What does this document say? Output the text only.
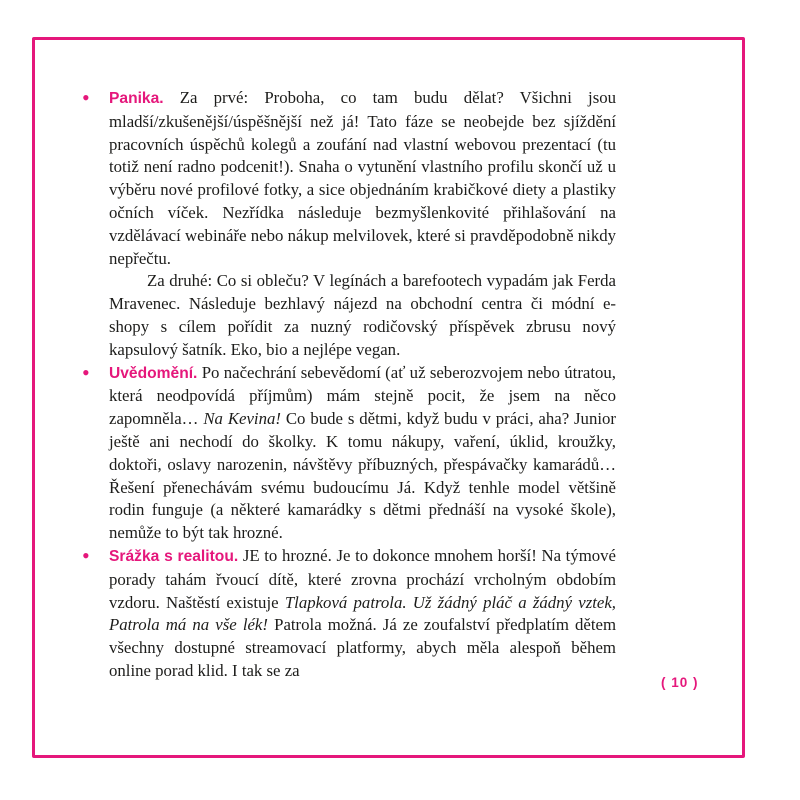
• Panika. Za prvé: Proboha, co tam budu dělat? Všichni jsou mladší/zkušenější/úspěšnější než já! Tato fáze se neobejde bez sjíždění pracovních úspěchů kolegů a zoufání nad vlastní webovou prezentací (tu totiž není radno podcenit!). Snaha o vytunění vlastního profilu skončí už u výběru nové profilové fotky, a sice objednáním krabičkové diety a plastiky očních víček. Nezřídka následuje bezmyšlenkovité přihlašování na vzdělávací webináře nebo nákup melvilovek, které si pravděpodobně nikdy nepřečtu.

Za druhé: Co si obleču? V legínách a barefootech vypadám jak Ferda Mravenec. Následuje bezhlavý nájezd na obchodní centra či módní e-shopy s cílem pořídit za nuzný rodičovský příspěvek zbrusu nový kapsulový šatník. Eko, bio a nejlépe vegan.

• Uvědomění. Po načechrání sebevědomí (ať už seberozvojem nebo útratou, která neodpovídá příjmům) mám stejně pocit, že jsem na něco zapomněla… Na Kevina! Co bude s dětmi, když budu v práci, aha? Junior ještě ani nechodí do školky. K tomu nákupy, vaření, úklid, kroužky, doktoři, oslavy narozenin, návštěvy příbuzných, přespávačky kamarádů… Řešení přenechávám svému budoucímu Já. Když tenhle model většině rodin funguje (a některé kamarádky s dětmi přednáší na vysoké škole), nemůže to být tak hrozné.

• Srážka s realitou. JE to hrozné. Je to dokonce mnohem horší! Na týmové porady tahám řvoucí dítě, které zrovna prochází vrcholným obdobím vzdoru. Naštěstí existuje Tlapková patrola. Už žádný pláč a žádný vztek, Patrola má na vše lék! Patrola možná. Já ze zoufalství předplatím dětem všechny dostupné streamovací platformy, abych měla alespoň během online porad klid. I tak se za

( 10 )
